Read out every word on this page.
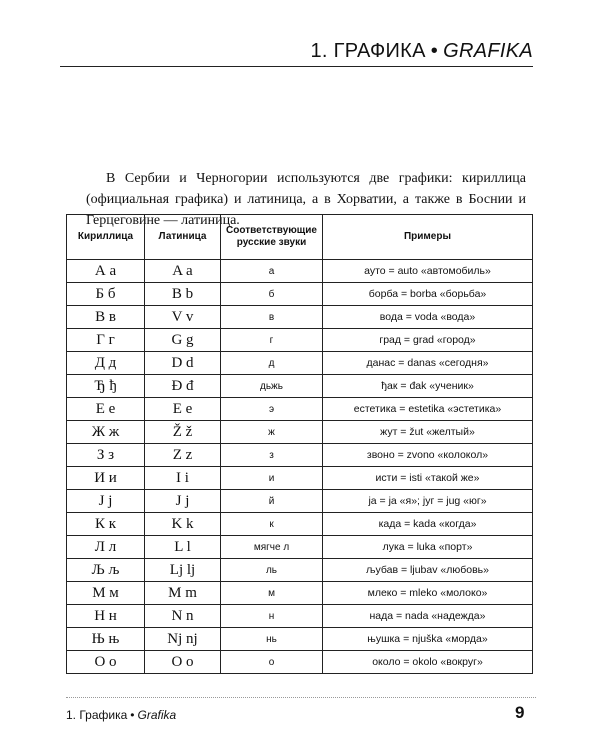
1. ГРАФИКА • GRAFIKA

В Сербии и Черногории используются две графики: кириллица (официальная графика) и латиница, а в Хорватии, а также в Боснии и Герцеговине — латиница.

Кириллица	Латиница	Соответствующие русские звуки	Примеры
А а	A a	а	ауто = auto «автомобиль»
Б б	B b	б	борба = borba «борьба»
В в	V v	в	вода = voda «вода»
Г г	G g	г	град = grad «город»
Д д	D d	д	данас = danas «сегодня»
Ђ ђ	Đ đ	дьжь	ђак = đak «ученик»
Е е	E e	э	естетика = estetika «эстетика»
Ж ж	Ž ž	ж	жут = žut «желтый»
З з	Z z	з	звоно = zvono «колокол»
И и	I i	и	исти = isti «такой же»
Ј ј	J j	й	ја = ja «я»; југ = jug «юг»
К к	K k	к	када = kada «когда»
Л л	L l	мягче л	лука = luka «порт»
Љ љ	Lj lj	ль	љубав = ljubav «любовь»
М м	M m	м	млеко = mleko «молоко»
Н н	N n	н	нада = nada «надежда»
Њ њ	Nj nj	нь	њушка = njuška «морда»
О о	O o	о	около = okolo «вокруг»
1. Графика • Grafika	9
